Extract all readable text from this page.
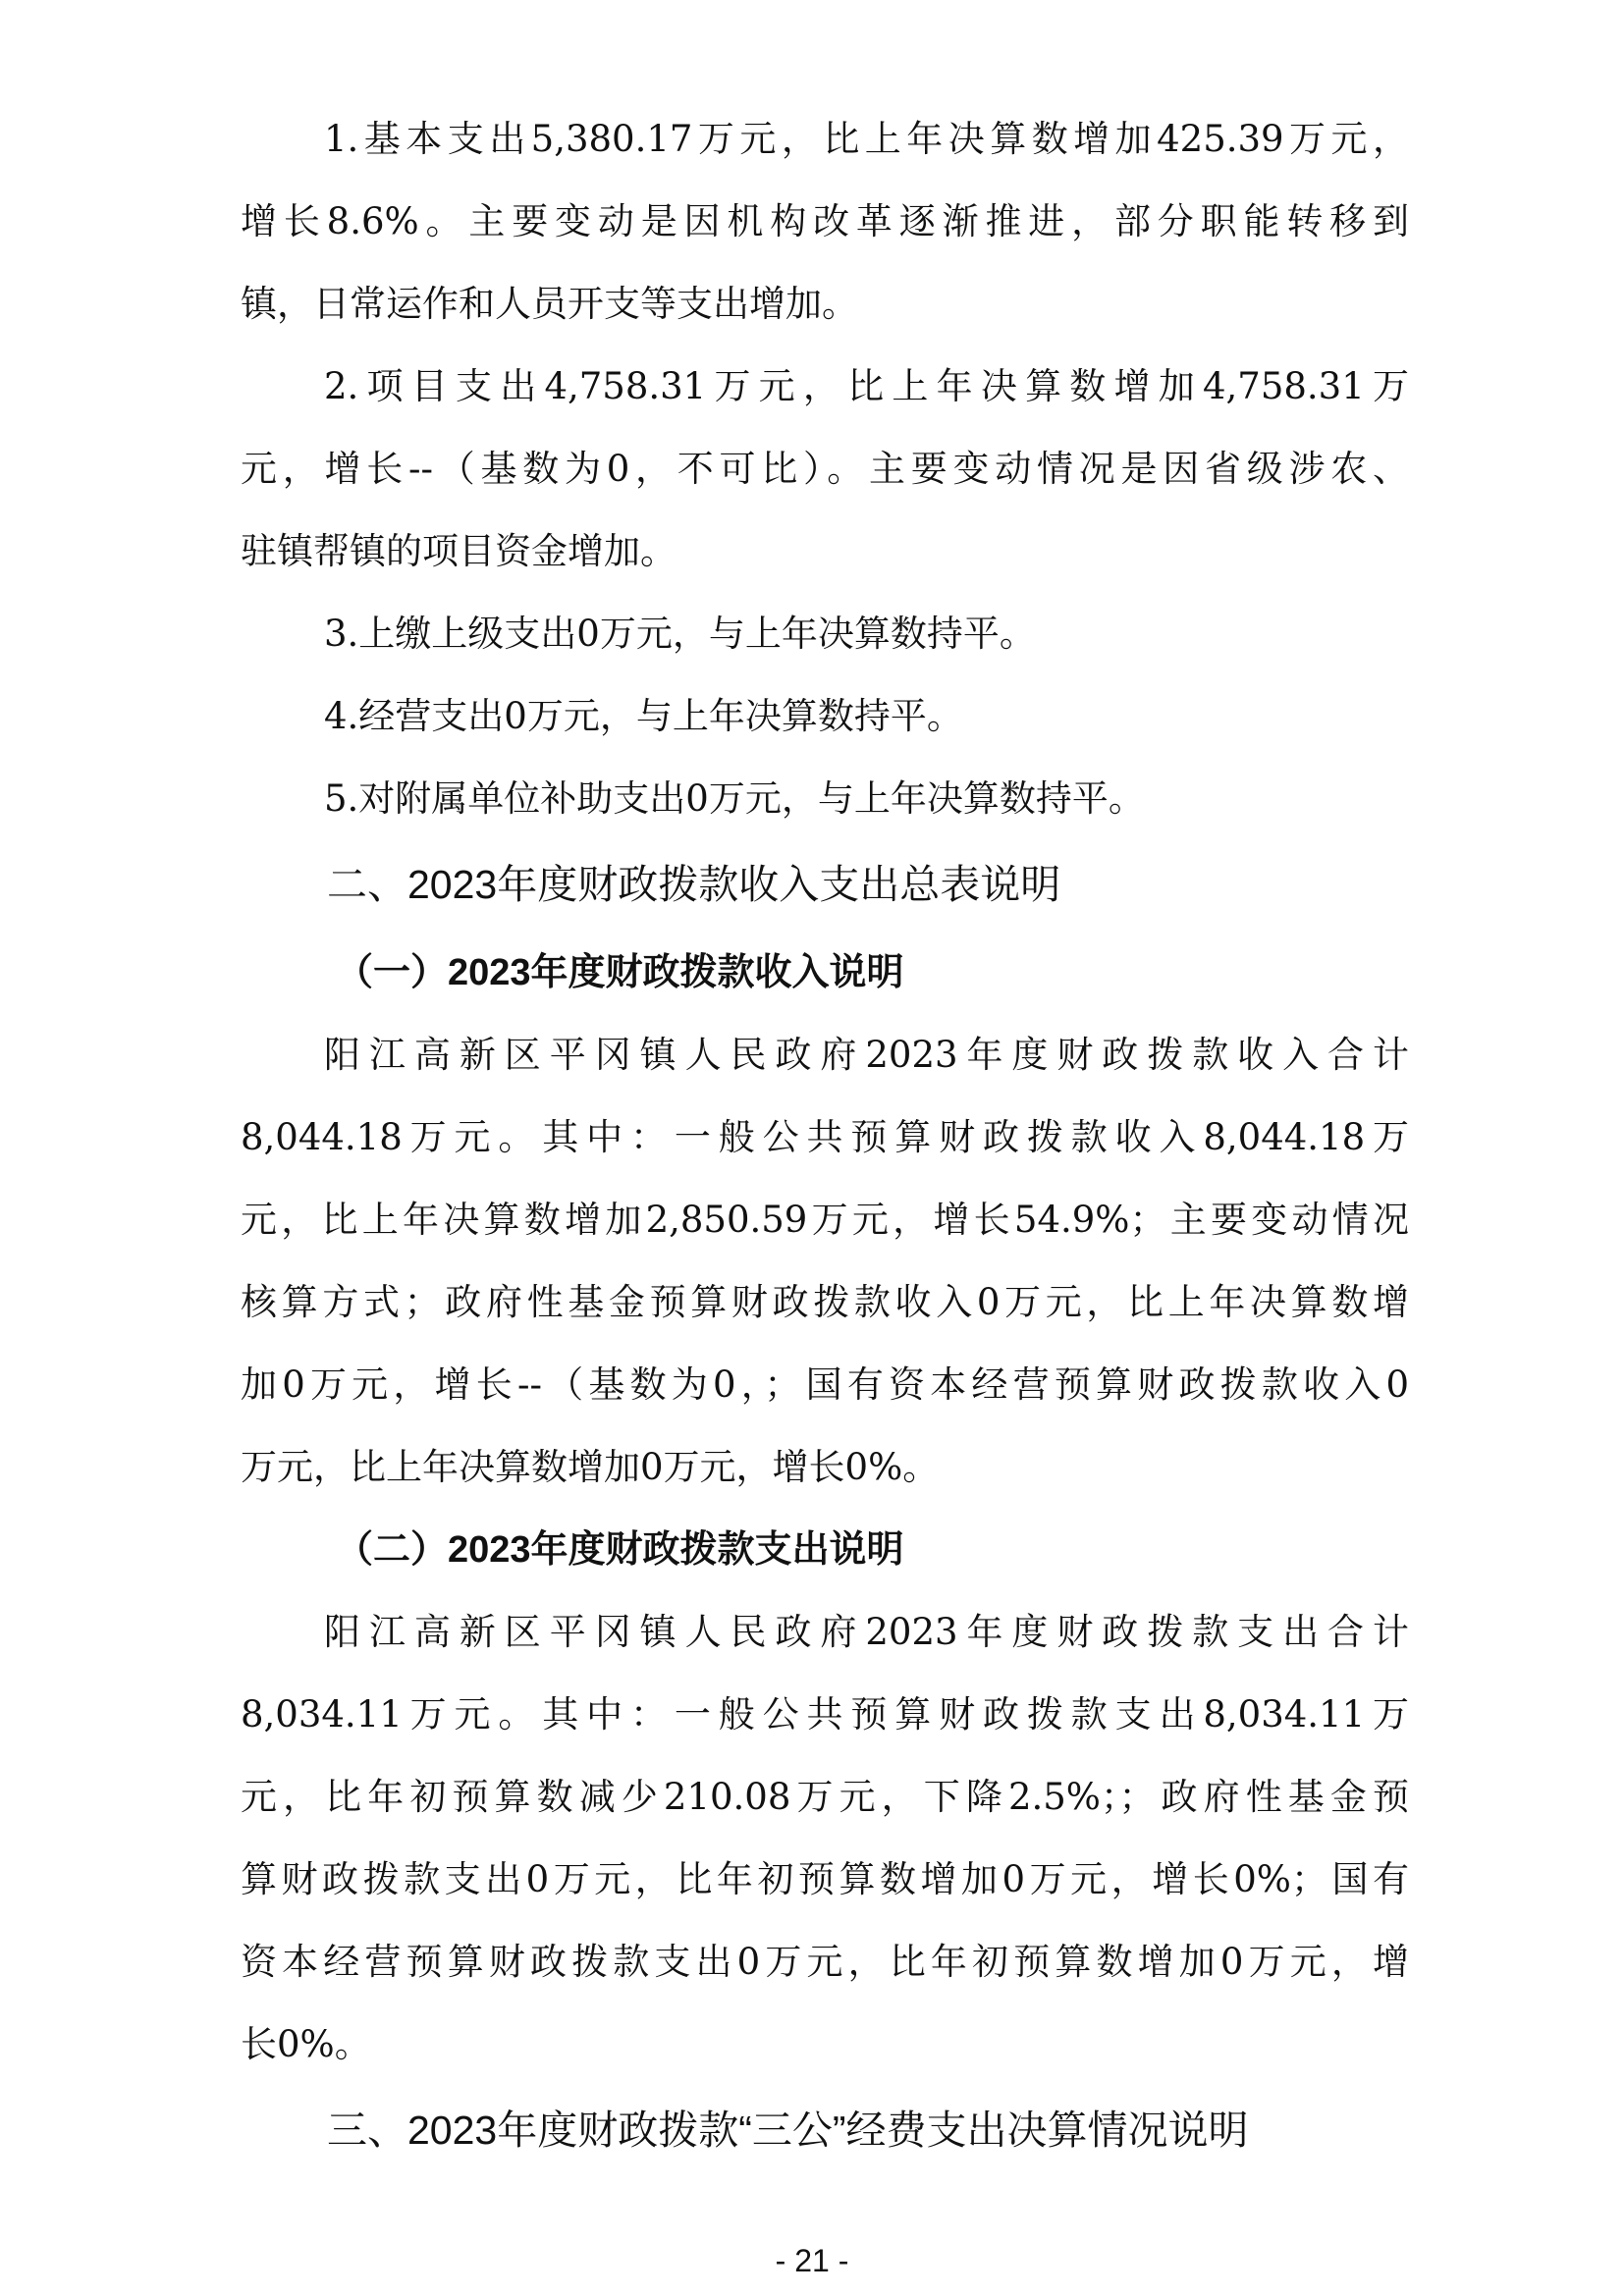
1.基本支出5,380.17万元，比上年决算数增加425.39万元，
增长8.6%。主要变动是因机构改革逐渐推进，部分职能转移到
镇，日常运作和人员开支等支出增加。
2.项目支出4,758.31万元，比上年决算数增加4,758.31万
元，增长--（基数为0，不可比）。主要变动情况是因省级涉农、
驻镇帮镇的项目资金增加。
3.上缴上级支出0万元，与上年决算数持平。
4.经营支出0万元，与上年决算数持平。
5.对附属单位补助支出0万元，与上年决算数持平。
二、2023年度财政拨款收入支出总表说明
（一）2023年度财政拨款收入说明
阳江高新区平冈镇人民政府2023年度财政拨款收入合计
8,044.18万元。其中：一般公共预算财政拨款收入8,044.18万
元，比上年决算数增加2,850.59万元，增长54.9%；主要变动情况
核算方式；政府性基金预算财政拨款收入0万元，比上年决算数增
加0万元，增长--（基数为0，；国有资本经营预算财政拨款收入0
万元，比上年决算数增加0万元，增长0%。
（二）2023年度财政拨款支出说明
阳江高新区平冈镇人民政府2023年度财政拨款支出合计
8,034.11万元。其中：一般公共预算财政拨款支出8,034.11万
元，比年初预算数减少210.08万元，下降2.5%；；政府性基金预
算财政拨款支出0万元，比年初预算数增加0万元，增长0%；国有
资本经营预算财政拨款支出0万元，比年初预算数增加0万元，增
长0%。
三、2023年度财政拨款“三公”经费支出决算情况说明
- 21 -
